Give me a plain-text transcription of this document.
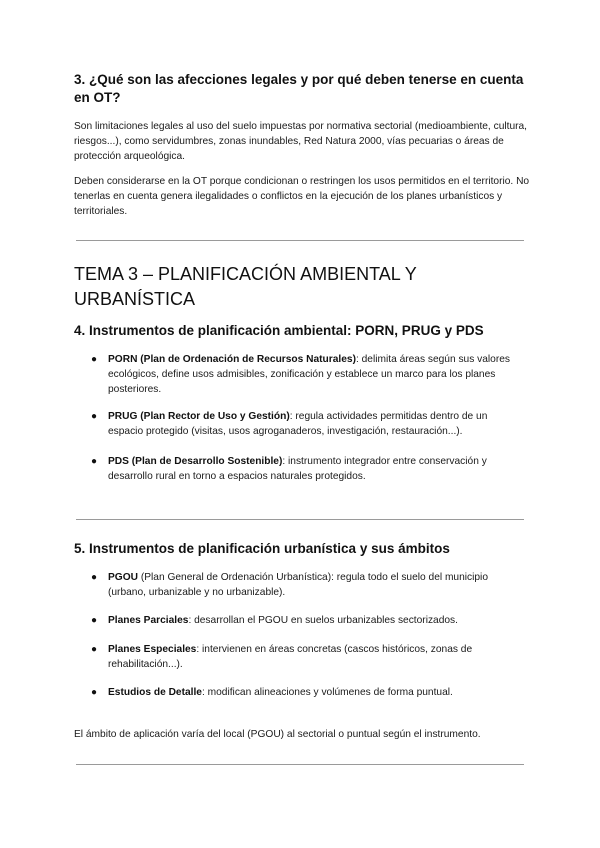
3. ¿Qué son las afecciones legales y por qué deben tenerse en cuenta en OT?

Son limitaciones legales al uso del suelo impuestas por normativa sectorial (medioambiente, cultura, riesgos...), como servidumbres, zonas inundables, Red Natura 2000, vías pecuarias o áreas de protección arqueológica.

Deben considerarse en la OT porque condicionan o restringen los usos permitidos en el territorio. No tenerlas en cuenta genera ilegalidades o conflictos en la ejecución de los planes urbanísticos y territoriales.

TEMA 3 – PLANIFICACIÓN AMBIENTAL Y URBANÍSTICA
4. Instrumentos de planificación ambiental: PORN, PRUG y PDS
● PORN (Plan de Ordenación de Recursos Naturales): delimita áreas según sus valores ecológicos, define usos admisibles, zonificación y establece un marco para los planes posteriores.
● PRUG (Plan Rector de Uso y Gestión): regula actividades permitidas dentro de un espacio protegido (visitas, usos agroganaderos, investigación, restauración...).
● PDS (Plan de Desarrollo Sostenible): instrumento integrador entre conservación y desarrollo rural en torno a espacios naturales protegidos.
5. Instrumentos de planificación urbanística y sus ámbitos
● PGOU (Plan General de Ordenación Urbanística): regula todo el suelo del municipio (urbano, urbanizable y no urbanizable).
● Planes Parciales: desarrollan el PGOU en suelos urbanizables sectorizados.
● Planes Especiales: intervienen en áreas concretas (cascos históricos, zonas de rehabilitación...).
● Estudios de Detalle: modifican alineaciones y volúmenes de forma puntual.

El ámbito de aplicación varía del local (PGOU) al sectorial o puntual según el instrumento.
